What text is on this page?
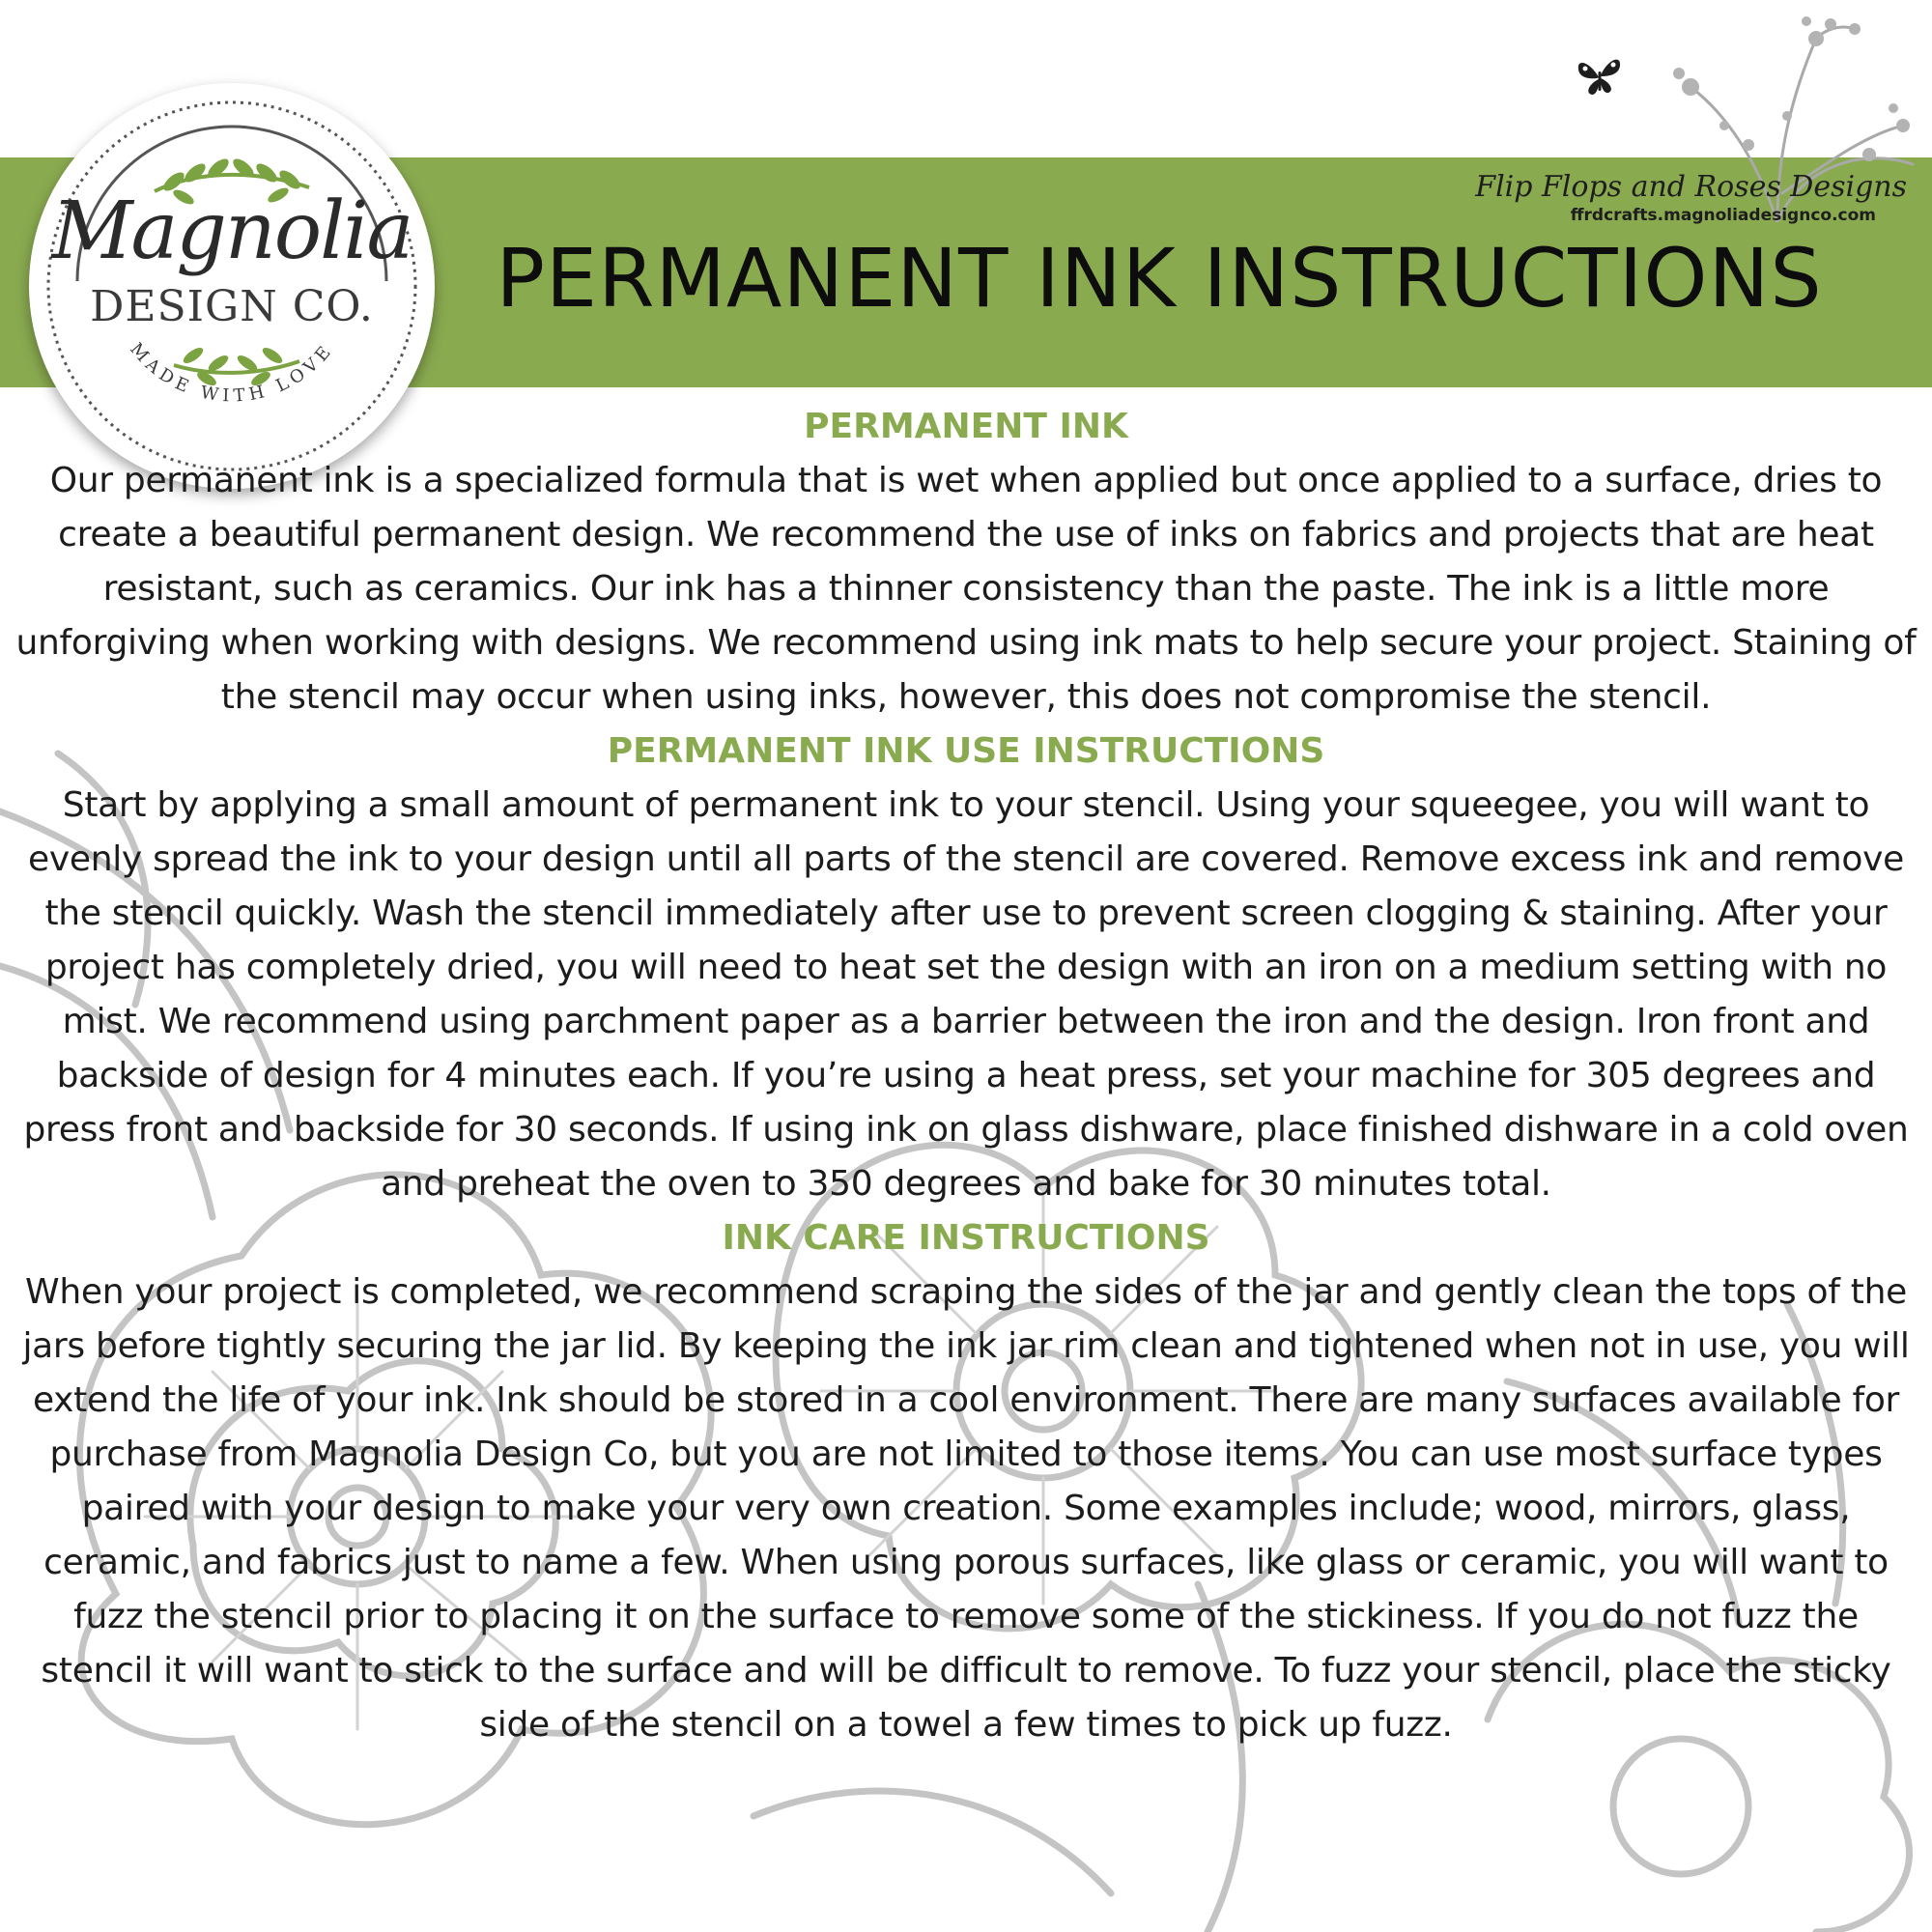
PERMANENT INK INSTRUCTIONS
Flip Flops and Roses Designs
ffrdcrafts.magnoliadesignco.com
MADE WITH LOVE
Magnolia
DESIGN CO.
PERMANENT INK

Our permanent ink is a specialized formula that is wet when applied but once applied to a surface, dries to create a beautiful permanent design. We recommend the use of inks on fabrics and projects that are heat resistant, such as ceramics. Our ink has a thinner consistency than the paste. The ink is a little more unforgiving when working with designs. We recommend using ink mats to help secure your project. Staining of the stencil may occur when using inks, however, this does not compromise the stencil.

PERMANENT INK USE INSTRUCTIONS

Start by applying a small amount of permanent ink to your stencil. Using your squeegee, you will want to evenly spread the ink to your design until all parts of the stencil are covered. Remove excess ink and remove the stencil quickly. Wash the stencil immediately after use to prevent screen clogging & staining. After your project has completely dried, you will need to heat set the design with an iron on a medium setting with no mist. We recommend using parchment paper as a barrier between the iron and the design. Iron front and backside of design for 4 minutes each. If you’re using a heat press, set your machine for 305 degrees and press front and backside for 30 seconds. If using ink on glass dishware, place finished dishware in a cold oven and preheat the oven to 350 degrees and bake for 30 minutes total.

INK CARE INSTRUCTIONS

When your project is completed, we recommend scraping the sides of the jar and gently clean the tops of the jars before tightly securing the jar lid. By keeping the ink jar rim clean and tightened when not in use, you will extend the life of your ink. Ink should be stored in a cool environment. There are many surfaces available for purchase from Magnolia Design Co, but you are not limited to those items. You can use most surface types paired with your design to make your very own creation. Some examples include; wood, mirrors, glass, ceramic, and fabrics just to name a few. When using porous surfaces, like glass or ceramic, you will want to fuzz the stencil prior to placing it on the surface to remove some of the stickiness. If you do not fuzz the stencil it will want to stick to the surface and will be difficult to remove. To fuzz your stencil, place the sticky side of the stencil on a towel a few times to pick up fuzz.
